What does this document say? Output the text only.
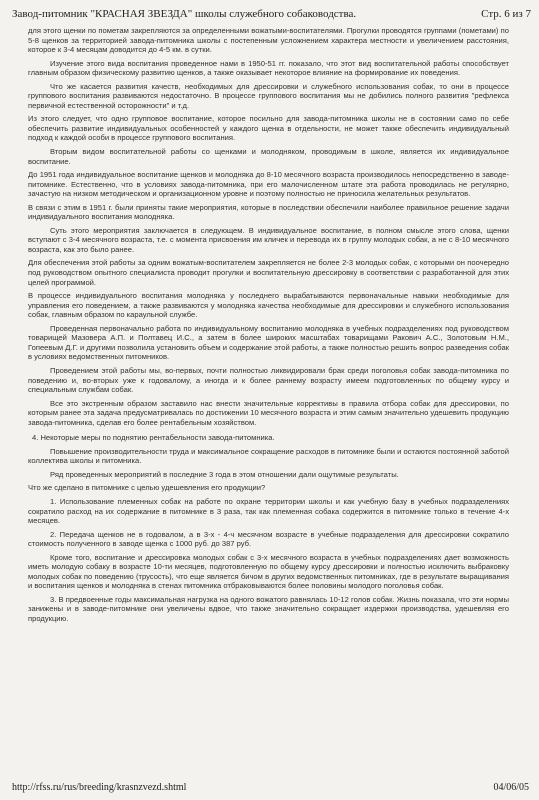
Завод-питомник "КРАСНАЯ ЗВЕЗДА" школы служебного собаководства.	Стр. 6 из 7

для этого щенки по пометам закрепляются за определенными вожатыми-воспитателями. Прогулки проводятся группами (пометами) по 5-8 щенков за территорией завода-питомника школы с постепенным усложнением характера местности и увеличением расстояния, которое к 3-4 месяцам доводится до 4-5 км. в сутки.

Изучение этого вида воспитания проведенное нами в 1950-51 гг. показало, что этот вид воспитательной работы способствует главным образом физическому развитию щенков, а также оказывает некоторое влияние на формирование их поведения.

Что же касается развития качеств, необходимых для дрессировки и служебного использования собак, то они в процессе группового воспитания развиваются недостаточно. В процессе группового воспитания мы не добились полного развития "рефлекса первичной естественной осторожности" и т.д.

Из этого следует, что одно групповое воспитание, которое посильно для завода-питомника школы не в состоянии само по себе обеспечить развитие индивидуальных особенностей у каждого щенка в отдельности, не может также обеспечить индивидуальный подход к каждой особи в процессе группового воспитания.

Вторым видом воспитательной работы со щенками и молодняком, проводимым в школе, является их индивидуальное воспитание.

До 1951 года индивидуальное воспитание щенков и молодняка до 8-10 месячного возраста производилось непосредственно в заводе-питомнике. Естественно, что в условиях завода-питомника, при его малочисленном штате эта работа проводилась не регулярно, зачастую на низком методическом и организационном уровне и поэтому полностью не приносила желательных результатов.

В связи с этим в 1951 г. были приняты такие мероприятия, которые в последствии обеспечили наиболее правильное решение задачи индивидуального воспитания молодняка.

Суть этого мероприятия заключается в следующем. В индивидуальное воспитание, в полном смысле этого слова, щенки вступают с 3-4 месячного возраста, т.е. с момента присвоения им кличек и перевода их в группу молодых собак, а не с 8-10 месячного возраста, как это было ранее.

Для обеспечения этой работы за одним вожатым-воспитателем закрепляется не более 2-3 молодых собак, с которыми он поочередно под руководством опытного специалиста проводит прогулки и воспитательную дрессировку в соответствии с разработанной для этих целей программой.

В процессе индивидуального воспитания молодняка у последнего вырабатываются первоначальные навыки необходимые для управления его поведением, а также развиваются у молодняка качества необходимые для дрессировки и служебного использования собак, главным образом по караульной службе.

Проведенная первоначально работа по индивидуальному воспитанию молодняка в учебных подразделениях под руководством товарищей Мазовера А.П. и Полтавец И.С., а затем в более широких масштабах товарищами Ракович А.С., Золотовым Н.М., Гопеевым Д.Г. и другими позволила установить объем и содержание этой работы, а также полностью решить вопрос разведения собак в условиях ведомственных питомников.

Проведением этой работы мы, во-первых, почти полностью ликвидировали брак среди поголовья собак завода-питомника по поведению и, во-вторых уже к годовалому, а иногда и к более раннему возрасту имеем подготовленных по общему курсу и специальным службам собак.

Все это экстренным образом заставило нас внести значительные коррективы в правила отбора собак для дрессировки, по которым ранее эта задача предусматривалась по достижении 10 месячного возраста и этим самым значительно удешевить продукцию завода-питомника, сделав его более рентабельным хозяйством.

4. Некоторые меры по поднятию рентабельности завода-питомника.

Повышение производительности труда и максимальное сокращение расходов в питомнике были и остаются постоянной заботой коллектива школы и питомника.

Ряд проведенных мероприятий в последние 3 года в этом отношении дали ощутимые результаты.

Что же сделано в питомнике с целью удешевления его продукции?

1. Использование племенных собак на работе по охране территории школы и как учебную базу в учебных подразделениях сократило расход на их содержание в питомнике в 3 раза, так как племенная собака содержится в питомнике только в течение 4-х месяцев.

2. Передача щенков не в годовалом, а в 3-х - 4-ч месячном возрасте в учебные подразделения для дрессировки сократило стоимость полученного в заводе щенка с 1000 руб. до 387 руб.

Кроме того, воспитание и дрессировка молодых собак с 3-х месячного возраста в учебных подразделениях дает возможность иметь молодую собаку в возрасте 10-ти месяцев, подготовленную по общему курсу дрессировки и полностью исключить выбраковку молодых собак по поведению (трусость), что еще является бичом в других ведомственных питомниках, где в результате выращивания и воспитания щенков и молодняка в стенах питомника отбраковываются более половины молодого поголовья собак.

3. В предвоенные годы максимальная нагрузка на одного вожатого равнялась 10-12 голов собак. Жизнь показала, что эти нормы занижены и в заводе-питомнике они увеличены вдвое, что также значительно сокращает издержки производства, удешевляя его продукцию.

http://rfss.ru/rus/breeding/krasnzvezd.shtml	04/06/05
